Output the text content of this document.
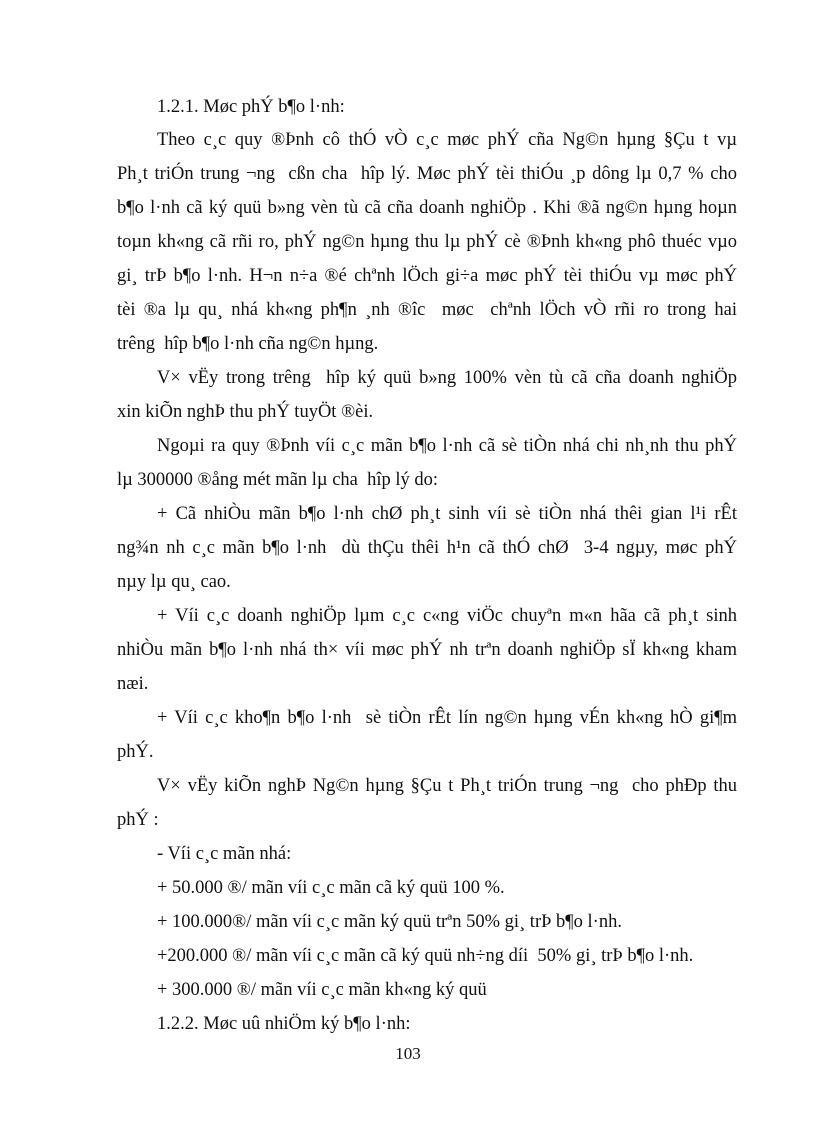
1.2.1. Møc phÝ b¶o l·nh:
Theo c¸c quy ®Þnh cô thÓ vÒ c¸c møc phÝ cña Ng©n hµng §Çu t vµ
Ph¸t triÓn trung ¬ng  cßn cha  hîp lý. Møc phÝ tèi thiÓu ¸p dông lµ 0,7 % cho
b¶o l·nh cã ký quü b»ng vèn tù cã cña doanh nghiÖp . Khi ®ã ng©n hµng hoµn
toµn kh«ng cã rñi ro, phÝ ng©n hµng thu lµ phÝ cè ®Þnh kh«ng phô thuéc vµo
gi¸ trÞ b¶o l·nh. H¬n n÷a ®é chªnh lÖch gi÷a møc phÝ tèi thiÓu vµ møc phÝ
tèi ®a lµ qu¸ nhá kh«ng ph¶n ¸nh ®îc  møc  chªnh lÖch vÒ rñi ro trong hai
trêng  hîp b¶o l·nh cña ng©n hµng.
V× vËy trong trêng  hîp ký quü b»ng 100% vèn tù cã cña doanh nghiÖp
xin kiÕn nghÞ thu phÝ tuyÖt ®èi.
Ngoµi ra quy ®Þnh víi c¸c mãn b¶o l·nh cã sè tiÒn nhá chi nh¸nh thu phÝ
lµ 300000 ®ång mét mãn lµ cha  hîp lý do:
+ Cã nhiÒu mãn b¶o l·nh chØ ph¸t sinh víi sè tiÒn nhá thêi gian l¹i rÊt
ng¾n nh c¸c mãn b¶o l·nh  dù thÇu thêi h¹n cã thÓ chØ  3-4 ngµy, møc phÝ
nµy lµ qu¸ cao.
+ Víi c¸c doanh nghiÖp lµm c¸c c«ng viÖc chuyªn m«n hãa cã ph¸t sinh
nhiÒu mãn b¶o l·nh nhá th× víi møc phÝ nh trªn doanh nghiÖp sÏ kh«ng kham
næi.
+ Víi c¸c kho¶n b¶o l·nh  sè tiÒn rÊt lín ng©n hµng vÉn kh«ng hÒ gi¶m
phÝ.
V× vËy kiÕn nghÞ Ng©n hµng §Çu t Ph¸t triÓn trung ¬ng  cho phÐp thu
phÝ :
- Víi c¸c mãn nhá:
+ 50.000 ®/ mãn víi c¸c mãn cã ký quü 100 %.
+ 100.000®/ mãn víi c¸c mãn ký quü trªn 50% gi¸ trÞ b¶o l·nh.
+200.000 ®/ mãn víi c¸c mãn cã ký quü nh÷ng díi  50% gi¸ trÞ b¶o l·nh.
+ 300.000 ®/ mãn víi c¸c mãn kh«ng ký quü
1.2.2. Møc uû nhiÖm ký b¶o l·nh:
103
